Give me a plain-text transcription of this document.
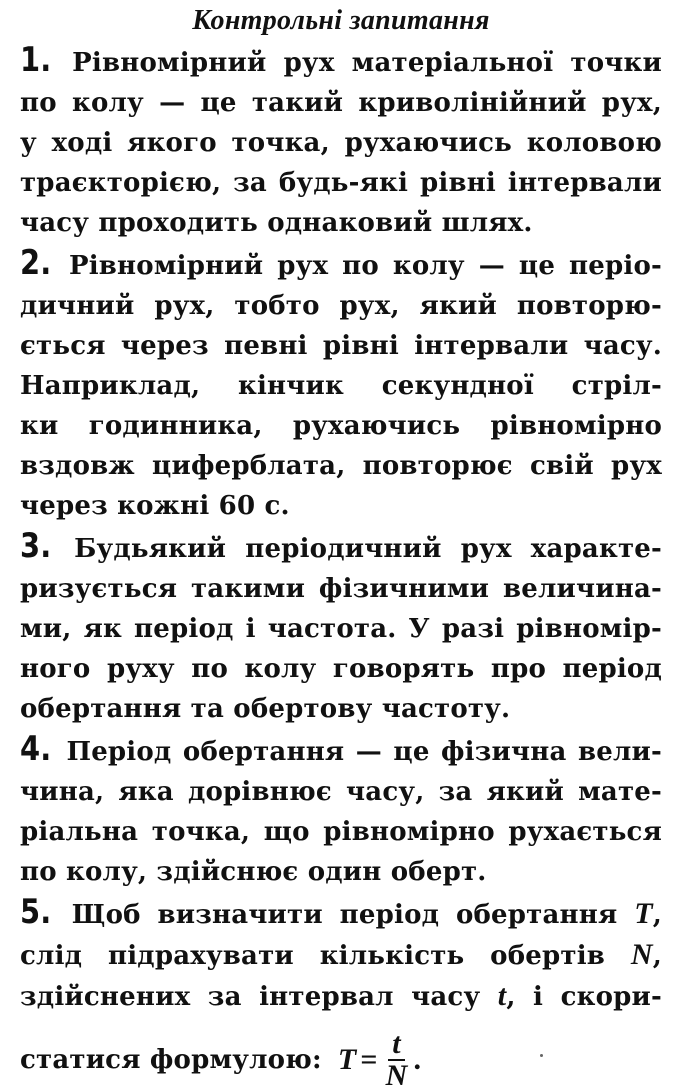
Контрольні запитання
1. Рівномірний рух матеріальної точки
по колу — це такий криволінійний рух,
у ході якого точка, рухаючись коловою
траєкторією, за будь-які рівні інтервали
часу проходить однаковий шлях.
2. Рівномірний рух по колу — це періо-
дичний рух, тобто рух, який повторю-
ється через певні рівні інтервали часу.
Наприклад, кінчик секундної стріл-
ки годинника, рухаючись рівномірно
вздовж циферблата, повторює свій рух
через кожні 60 с.
3. Будьякий періодичний рух характе-
ризується такими фізичними величина-
ми, як період і частота. У разі рівномір-
ного руху по колу говорять про період
обертання та обертову частоту.
4. Період обертання — це фізична вели-
чина, яка дорівнює часу, за який мате-
ріальна точка, що рівномірно рухається
по колу, здійснює один оберт.
5. Щоб визначити період обертання T,
слід підрахувати кількість обертів N,
здійснених за інтервал часу t, і скори-
статися формулою: $T = \frac{t}{N}$ .
